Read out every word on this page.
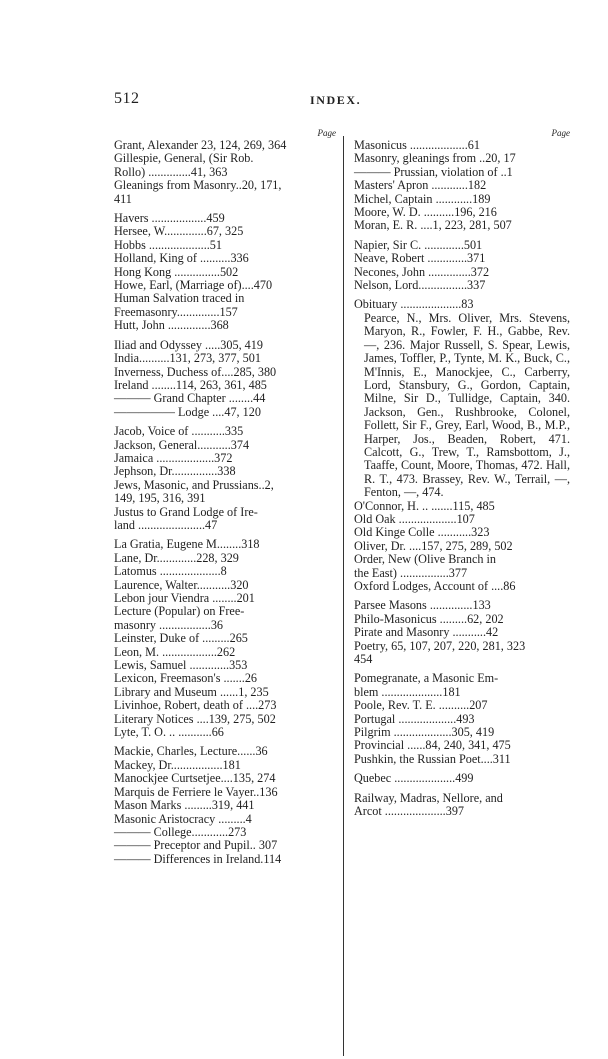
512	INDEX.
Page
Grant, Alexander 23, 124, 269, 364
Gillespie, General, (Sir Rob.
Rollo) ..............41, 363
Gleanings from Masonry..20, 171,
411
Havers ..................459
Hersee, W..............67, 325
Hobbs ....................51
Holland, King of ..........336
Hong Kong ...............502
Howe, Earl, (Marriage of)....470
Human Salvation traced in
Freemasonry..............157
Hutt, John ..............368
Iliad and Odyssey .....305, 419
India..........131, 273, 377, 501
Inverness, Duchess of....285, 380
Ireland ........114, 263, 361, 485
——— Grand Chapter ........44
————— Lodge ....47, 120
Jacob, Voice of ...........335
Jackson, General...........374
Jamaica ...................372
Jephson, Dr...............338
Jews, Masonic, and Prussians..2,
149, 195, 316, 391
Justus to Grand Lodge of Ire-
land ......................47
La Gratia, Eugene M........318
Lane, Dr.............228, 329
Latomus ....................8
Laurence, Walter...........320
Lebon jour Viendra ........201
Lecture (Popular) on Free-
masonry .................36
Leinster, Duke of .........265
Leon, M. ..................262
Lewis, Samuel .............353
Lexicon, Freemason's .......26
Library and Museum ......1, 235
Livinhoe, Robert, death of ....273
Literary Notices ....139, 275, 502
Lyte, T. O. .. ...........66
Mackie, Charles, Lecture......36
Mackey, Dr.................181
Manockjee Curtsetjee....135, 274
Marquis de Ferriere le Vayer..136
Mason Marks .........319, 441
Masonic Aristocracy .........4
——— College............273
——— Preceptor and Pupil.. 307
——— Differences in Ireland.114
Page
Masonicus ...................61
Masonry, gleanings from ..20, 17
——— Prussian, violation of ..1
Masters' Apron ............182
Michel, Captain ............189
Moore, W. D. ..........196, 216
Moran, E. R. ....1, 223, 281, 507
Napier, Sir C. .............501
Neave, Robert .............371
Necones, John ..............372
Nelson, Lord................337
Obituary ....................83
Pearce, N., Mrs. Oliver, Mrs. Stevens, Maryon, R., Fowler, F. H., Gabbe, Rev. —, 236. Major Russell, S. Spear, Lewis, James, Toffler, P., Tynte, M. K., Buck, C., M'Innis, E., Manockjee, C., Carberry, Lord, Stansbury, G., Gordon, Captain, Milne, Sir D., Tullidge, Captain, 340. Jackson, Gen., Rushbrooke, Colonel, Follett, Sir F., Grey, Earl, Wood, B., M.P., Harper, Jos., Beaden, Robert, 471. Calcott, G., Trew, T., Ramsbottom, J., Taaffe, Count, Moore, Thomas, 472. Hall, R. T., 473. Brassey, Rev. W., Terrail, —, Fenton, —, 474.
O'Connor, H. .. .......115, 485
Old Oak ...................107
Old Kinge Colle ...........323
Oliver, Dr. ....157, 275, 289, 502
Order, New (Olive Branch in
the East) ................377
Oxford Lodges, Account of ....86
Parsee Masons ..............133
Philo-Masonicus .........62, 202
Pirate and Masonry ...........42
Poetry, 65, 107, 207, 220, 281, 323
454
Pomegranate, a Masonic Em-
blem ....................181
Poole, Rev. T. E. ..........207
Portugal ...................493
Pilgrim ...................305, 419
Provincial ......84, 240, 341, 475
Pushkin, the Russian Poet....311
Quebec ....................499
Railway, Madras, Nellore, and
Arcot ....................397
